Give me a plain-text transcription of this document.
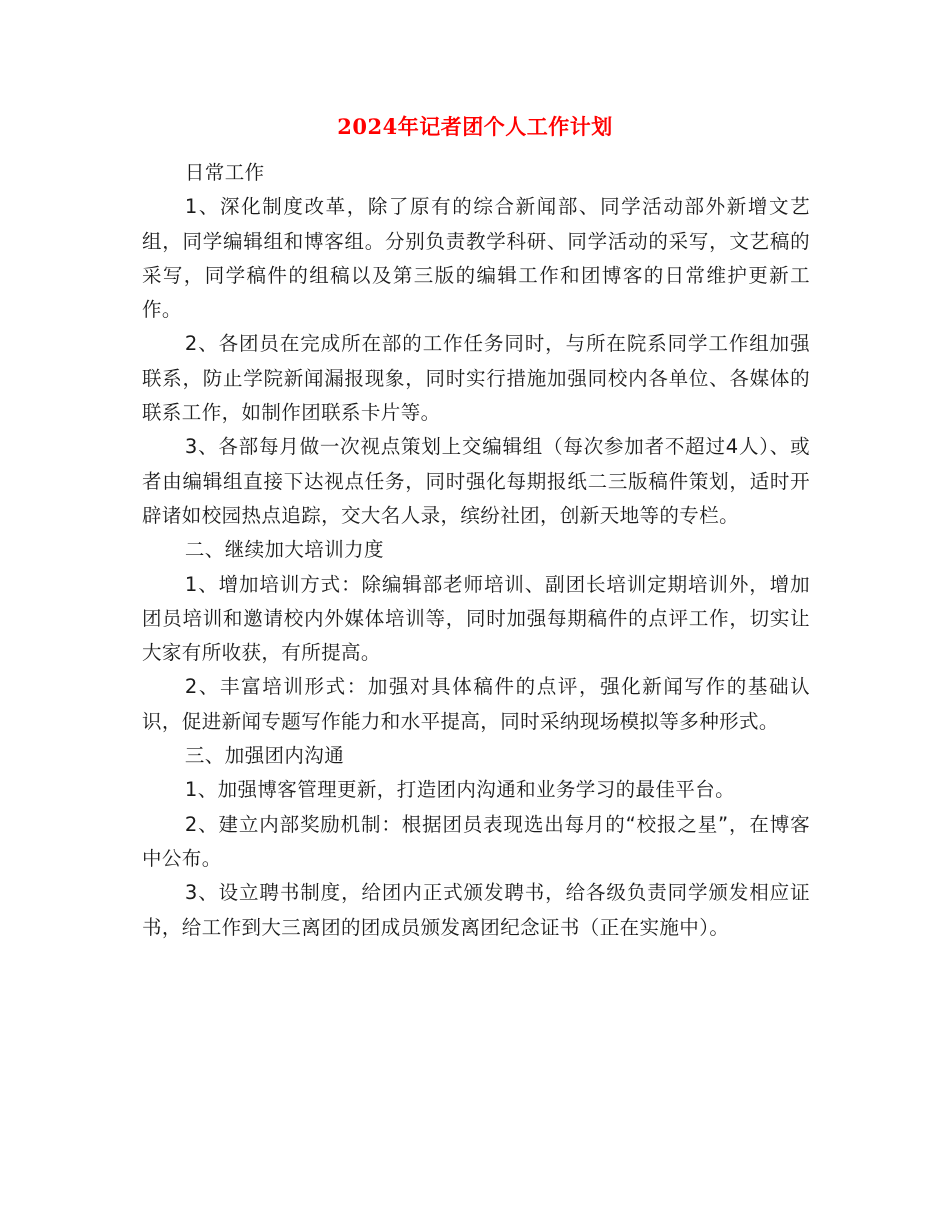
2024年记者团个人工作计划

日常工作

1、深化制度改革，除了原有的综合新闻部、同学活动部外新增文艺组，同学编辑组和博客组。分别负责教学科研、同学活动的采写，文艺稿的采写，同学稿件的组稿以及第三版的编辑工作和团博客的日常维护更新工作。

2、各团员在完成所在部的工作任务同时，与所在院系同学工作组加强联系，防止学院新闻漏报现象，同时实行措施加强同校内各单位、各媒体的联系工作，如制作团联系卡片等。

3、各部每月做一次视点策划上交编辑组（每次参加者不超过4人）、或者由编辑组直接下达视点任务，同时强化每期报纸二三版稿件策划，适时开辟诸如校园热点追踪，交大名人录，缤纷社团，创新天地等的专栏。

二、继续加大培训力度

1、增加培训方式：除编辑部老师培训、副团长培训定期培训外，增加团员培训和邀请校内外媒体培训等，同时加强每期稿件的点评工作，切实让大家有所收获，有所提高。

2、丰富培训形式：加强对具体稿件的点评，强化新闻写作的基础认识，促进新闻专题写作能力和水平提高，同时采纳现场模拟等多种形式。

三、加强团内沟通

1、加强博客管理更新，打造团内沟通和业务学习的最佳平台。

2、建立内部奖励机制：根据团员表现选出每月的“校报之星”，在博客中公布。

3、设立聘书制度，给团内正式颁发聘书，给各级负责同学颁发相应证书，给工作到大三离团的团成员颁发离团纪念证书（正在实施中）。
